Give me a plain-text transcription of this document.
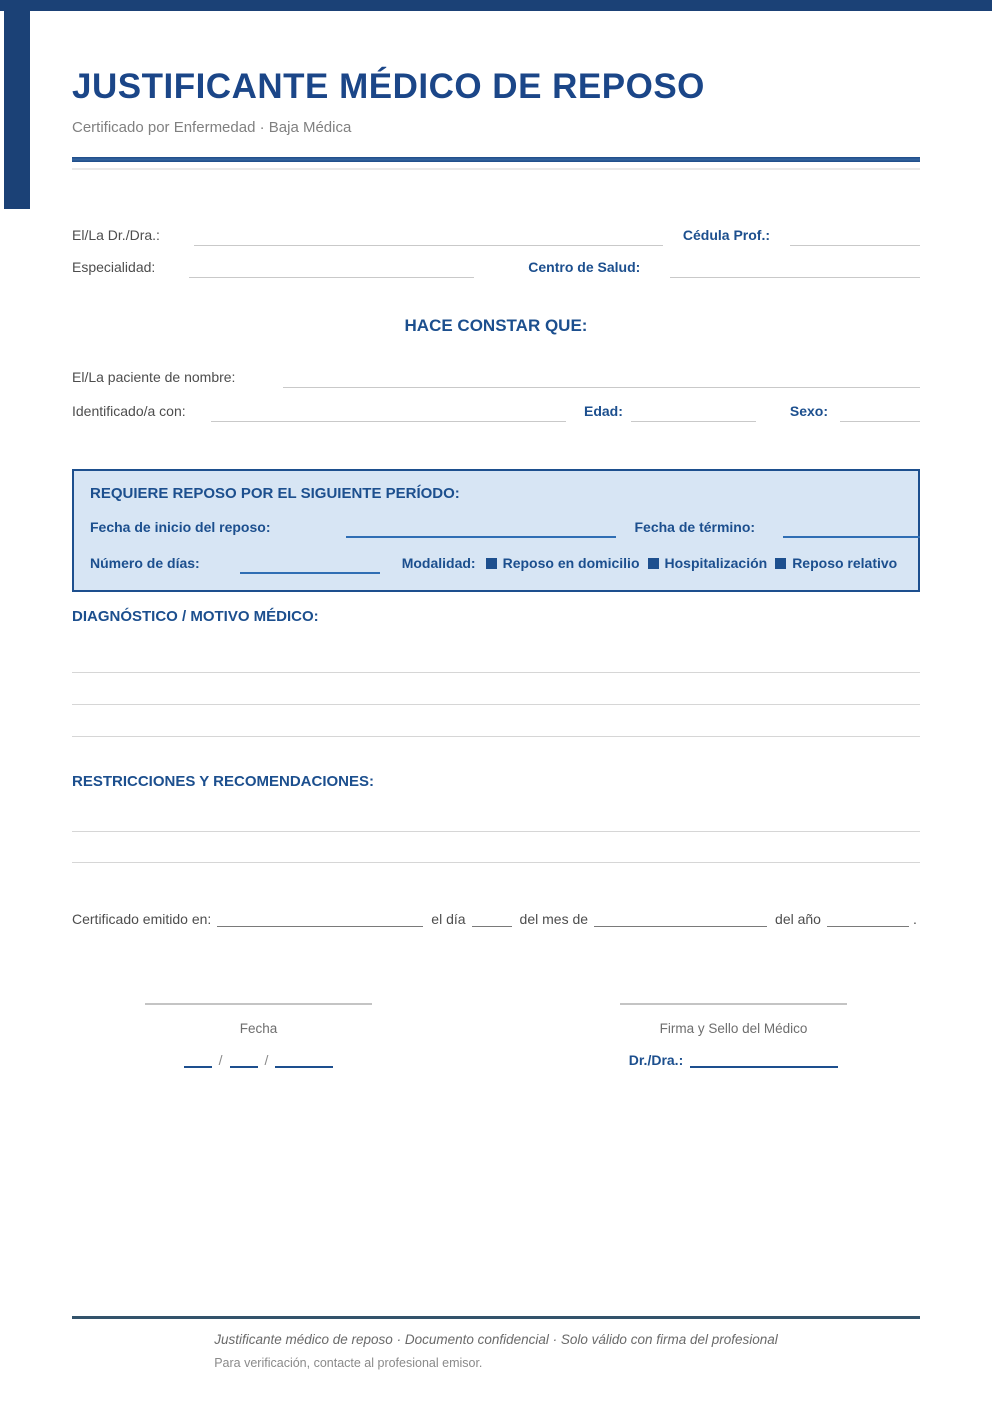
JUSTIFICANTE MÉDICO DE REPOSO
Certificado por Enfermedad · Baja Médica
El/La Dr./Dra.:	Cédula Prof.:
Especialidad:	Centro de Salud:
HACE CONSTAR QUE:
El/La paciente de nombre:
Identificado/a con:	Edad:	Sexo:
REQUIERE REPOSO POR EL SIGUIENTE PERÍODO:
Fecha de inicio del reposo:	Fecha de término:
Número de días:	Modalidad: Reposo en domicilio Hospitalización Reposo relativo
DIAGNÓSTICO / MOTIVO MÉDICO:
RESTRICCIONES Y RECOMENDACIONES:
Certificado emitido en:	el día	del mes de	del año	.
Fecha
/	/
Firma y Sello del Médico
Dr./Dra.:
Justificante médico de reposo · Documento confidencial · Solo válido con firma del profesional
Para verificación, contacte al profesional emisor.
